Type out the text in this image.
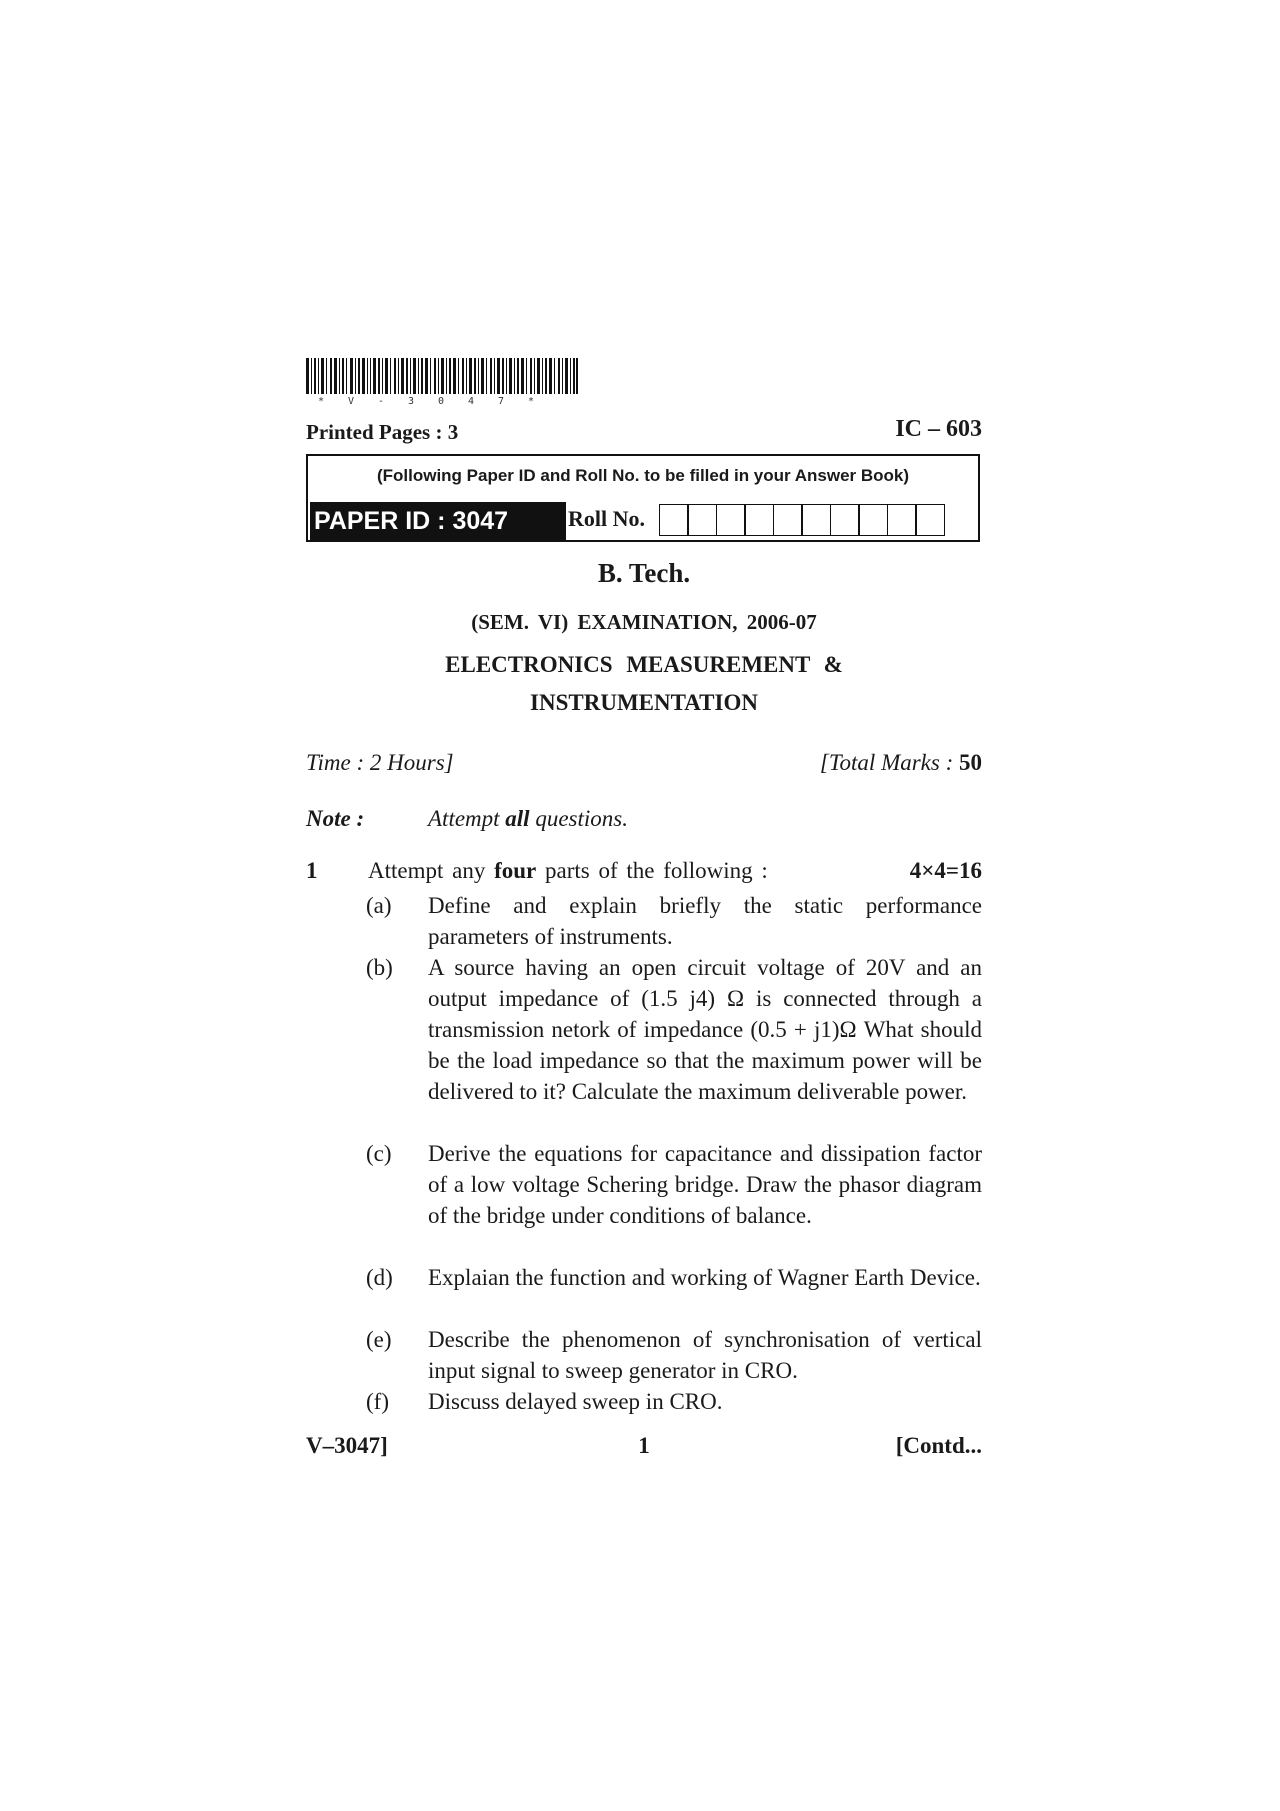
* V - 3 0 4 7 *
Printed Pages : 3	IC – 603
(Following Paper ID and Roll No. to be filled in your Answer Book)
PAPER ID : 3047	Roll No.
B. Tech.
(SEM. VI) EXAMINATION, 2006-07
ELECTRONICS MEASUREMENT &
INSTRUMENTATION
Time : 2 Hours]	[Total Marks : 50
Note :	Attempt all questions.
1 Attempt any four parts of the following :	4×4=16
(a) Define and explain briefly the static performance parameters of instruments.
(b) A source having an open circuit voltage of 20V and an output impedance of (1.5 j4) Ω is connected through a transmission netork of impedance (0.5 + j1)Ω What should be the load impedance so that the maximum power will be delivered to it? Calculate the maximum deliverable power.
(c) Derive the equations for capacitance and dissipation factor of a low voltage Schering bridge. Draw the phasor diagram of the bridge under conditions of balance.
(d) Explaian the function and working of Wagner Earth Device.
(e) Describe the phenomenon of synchronisation of vertical input signal to sweep generator in CRO.
(f) Discuss delayed sweep in CRO.
V–3047]	1	[Contd...
